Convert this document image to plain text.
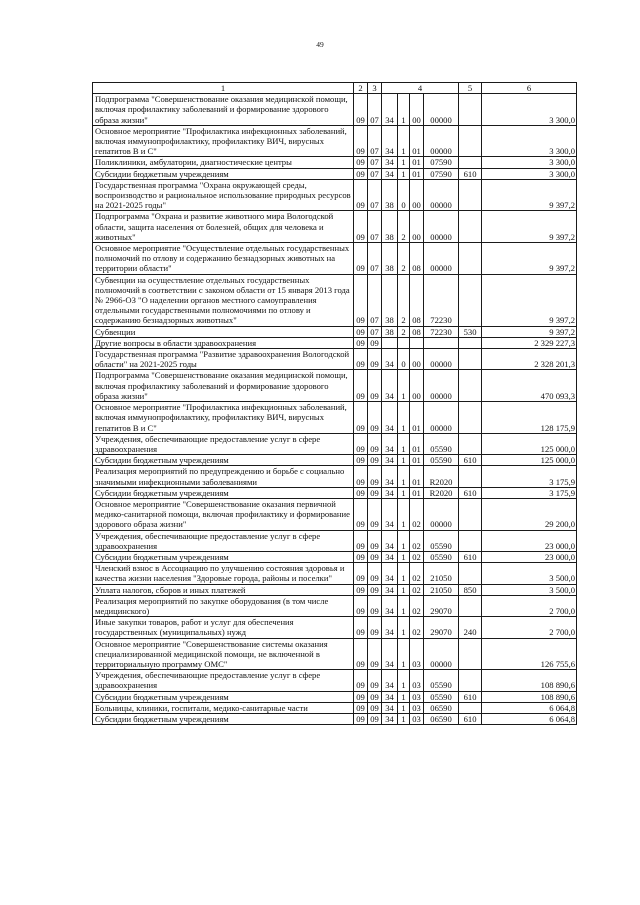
49
1	2	3	4				5	6
Подпрограмма "Совершенствование оказания медицинской помощи, включая профилактику заболеваний и формирование здорового образа жизни"	09	07	34	1	00	00000		3 300,0
Основное мероприятие "Профилактика инфекционных заболеваний, включая иммунопрофилактику, профилактику ВИЧ, вирусных гепатитов В и С"	09	07	34	1	01	00000		3 300,0
Поликлиники, амбулатории, диагностические центры	09	07	34	1	01	07590		3 300,0
Субсидии бюджетным учреждениям	09	07	34	1	01	07590	610	3 300,0
Государственная программа "Охрана окружающей среды, воспроизводство и рациональное использование природных ресурсов на 2021-2025 годы"	09	07	38	0	00	00000		9 397,2
Подпрограмма "Охрана и развитие животного мира Вологодской области, защита населения от болезней, общих для человека и животных"	09	07	38	2	00	00000		9 397,2
Основное мероприятие "Осуществление отдельных государственных полномочий по отлову и содержанию безнадзорных животных на территории области"	09	07	38	2	08	00000		9 397,2
Субвенции на осуществление отдельных государственных полномочий в соответствии с законом области от 15 января 2013 года № 2966-ОЗ "О наделении органов местного самоуправления отдельными государственными полномочиями по отлову и содержанию безнадзорных животных"	09	07	38	2	08	72230		9 397,2
Субвенции	09	07	38	2	08	72230	530	9 397,2
Другие вопросы в области здравоохранения	09	09						2 329 227,3
Государственная программа "Развитие здравоохранения Вологодской области" на 2021-2025 годы	09	09	34	0	00	00000		2 328 201,3
Подпрограмма "Совершенствование оказания медицинской помощи, включая профилактику заболеваний и формирование здорового образа жизни"	09	09	34	1	00	00000		470 093,3
Основное мероприятие "Профилактика инфекционных заболеваний, включая иммунопрофилактику, профилактику ВИЧ, вирусных гепатитов В и С"	09	09	34	1	01	00000		128 175,9
Учреждения, обеспечивающие предоставление услуг в сфере здравоохранения	09	09	34	1	01	05590		125 000,0
Субсидии бюджетным учреждениям	09	09	34	1	01	05590	610	125 000,0
Реализация мероприятий по предупреждению и борьбе с социально значимыми инфекционными заболеваниями	09	09	34	1	01	R2020		3 175,9
Субсидии бюджетным учреждениям	09	09	34	1	01	R2020	610	3 175,9
Основное мероприятие "Совершенствование оказания первичной медико-санитарной помощи, включая профилактику и формирование здорового образа жизни"	09	09	34	1	02	00000		29 200,0
Учреждения, обеспечивающие предоставление услуг в сфере здравоохранения	09	09	34	1	02	05590		23 000,0
Субсидии бюджетным учреждениям	09	09	34	1	02	05590	610	23 000,0
Членский взнос в Ассоциацию по улучшению состояния здоровья и качества жизни населения "Здоровые города, районы и поселки"	09	09	34	1	02	21050		3 500,0
Уплата налогов, сборов и иных платежей	09	09	34	1	02	21050	850	3 500,0
Реализация мероприятий по закупке оборудования (в том числе медицинского)	09	09	34	1	02	29070		2 700,0
Иные закупки товаров, работ и услуг для обеспечения государственных (муниципальных) нужд	09	09	34	1	02	29070	240	2 700,0
Основное мероприятие "Совершенствование системы оказания специализированной медицинской помощи, не включенной в территориальную программу ОМС"	09	09	34	1	03	00000		126 755,6
Учреждения, обеспечивающие предоставление услуг в сфере здравоохранения	09	09	34	1	03	05590		108 890,6
Субсидии бюджетным учреждениям	09	09	34	1	03	05590	610	108 890,6
Больницы, клиники, госпитали, медико-санитарные части	09	09	34	1	03	06590		6 064,8
Субсидии бюджетным учреждениям	09	09	34	1	03	06590	610	6 064,8
